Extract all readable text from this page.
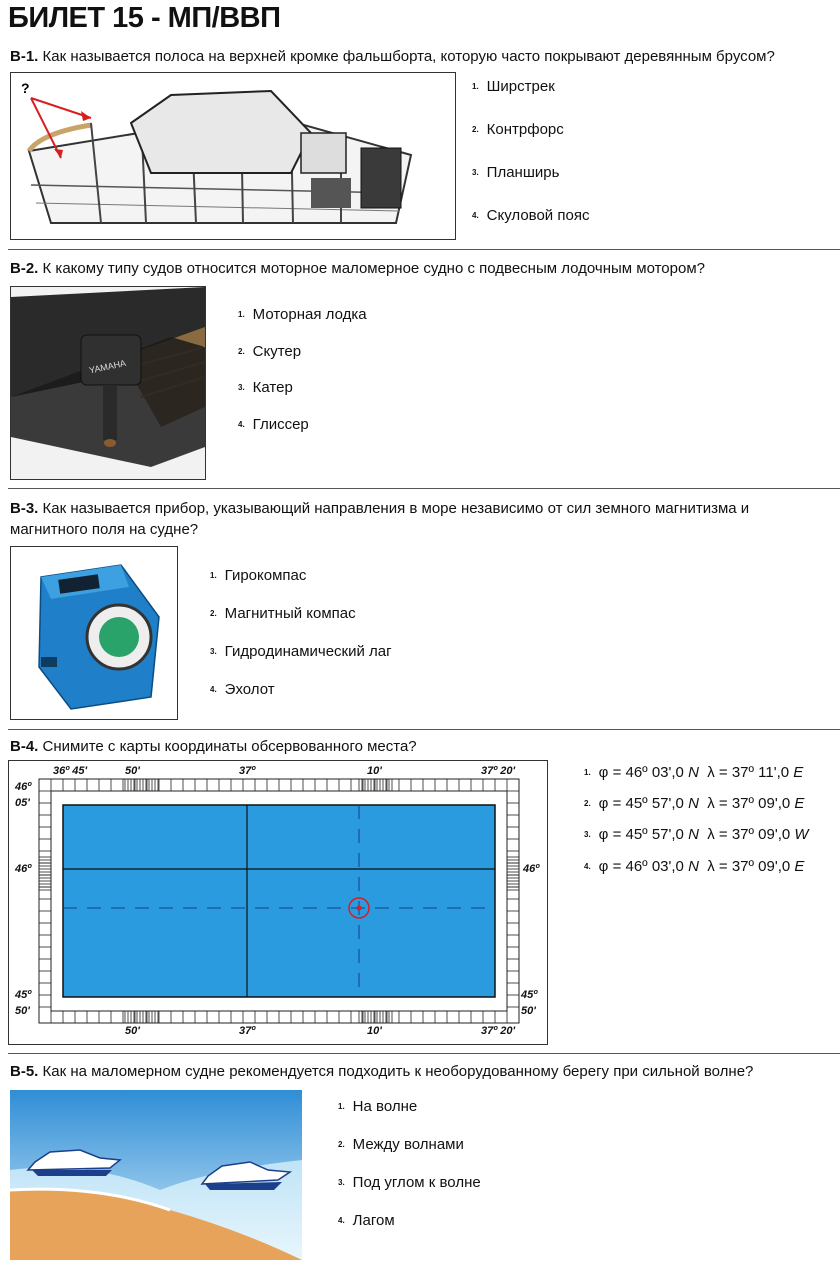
БИЛЕТ 15 - МП/ВВП
В-1. Как называется полоса на верхней кромке фальшборта, которую часто покрывают деревянным брусом?
?	$^{1.}$ Ширстрек
$^{2.}$ Контрфорс
$^{3.}$ Планширь
$^{4.}$ Скуловой пояс
В-2. К какому типу судов относится моторное маломерное судно с подвесным лодочным мотором?
YAMAHA
$^{1.}$ Моторная лодка
$^{2.}$ Скутер
$^{3.}$ Катер
$^{4.}$ Глиссер
В-3. Как называется прибор, указывающий направления в море независимо от сил земного магнитизма и
магнитного поля на судне?
$^{1.}$ Гирокомпас
$^{2.}$ Магнитный компас
$^{3.}$ Гидродинамический лаг
$^{4.}$ Эхолот
В-4. Снимите с карты координаты обсервованного места?
36º 45'	50'	37º	10'	37º 20'
50'	37º	10'	37º 20'
46º
05'
46º
45º
50'
46º
45º
50'
$^{1.}$ φ = 46º 03',0 N λ = 37º 11',0 E
$^{2.}$ φ = 45º 57',0 N λ = 37º 09',0 E
$^{3.}$ φ = 45º 57',0 N λ = 37º 09',0 W
$^{4.}$ φ = 46º 03',0 N λ = 37º 09',0 E
В-5. Как на маломерном судне рекомендуется подходить к необорудованному берегу при сильной волне?
$^{1.}$ На волне
$^{2.}$ Между волнами
$^{3.}$ Под углом к волне
$^{4.}$ Лагом
